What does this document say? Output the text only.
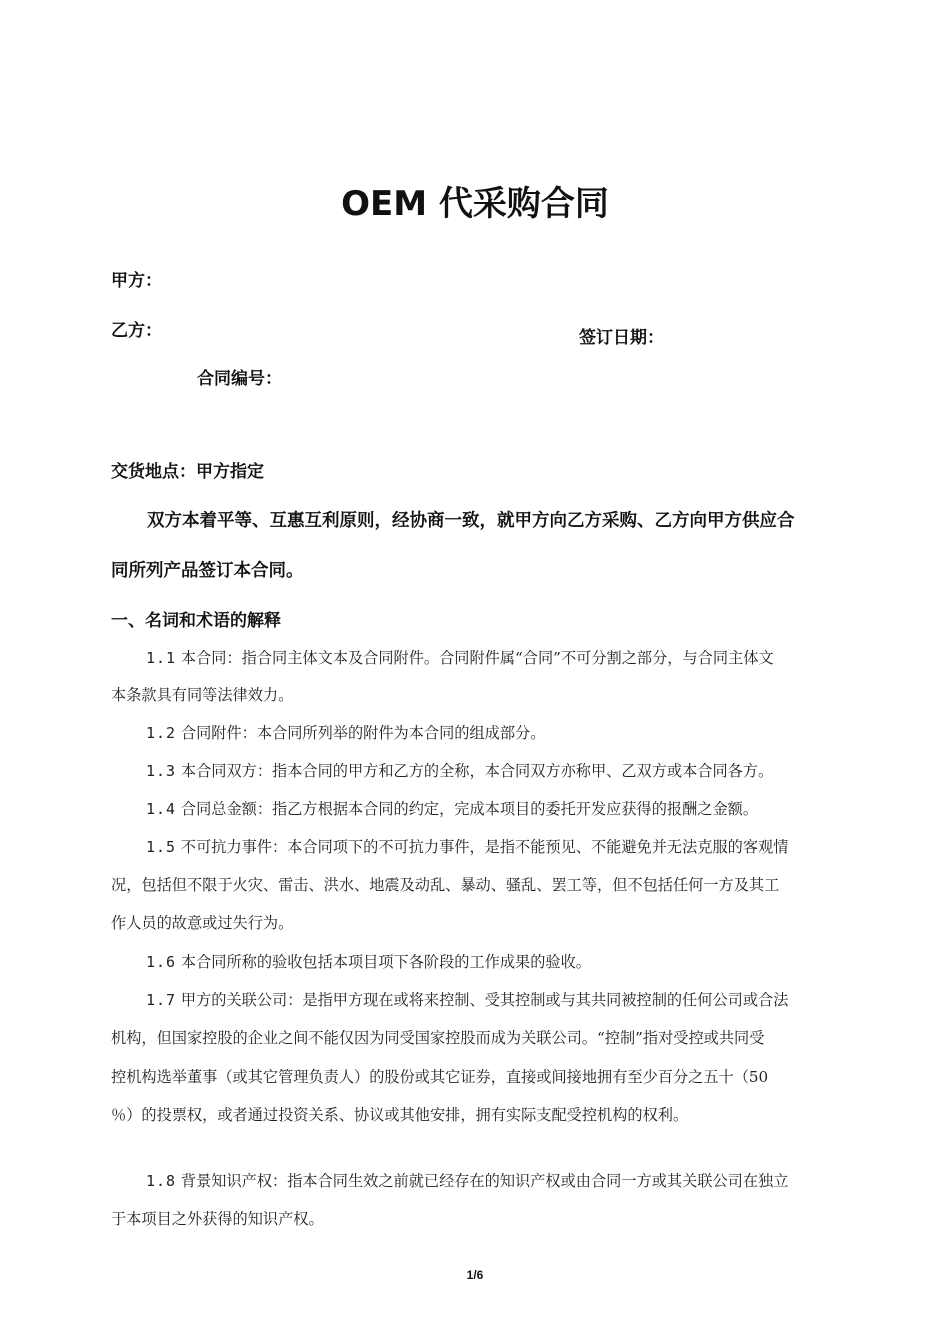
OEM 代采购合同
甲方：
乙方：	签订日期：
合同编号：
交货地点：甲方指定
双方本着平等、互惠互利原则，经协商一致，就甲方向乙方采购、乙方向甲方供应合
同所列产品签订本合同。
一、名词和术语的解释
1.1 本合同：指合同主体文本及合同附件。合同附件属“合同”不可分割之部分，与合同主体文
本条款具有同等法律效力。
1.2 合同附件：本合同所列举的附件为本合同的组成部分。
1.3 本合同双方：指本合同的甲方和乙方的全称，本合同双方亦称甲、乙双方或本合同各方。
1.4 合同总金额：指乙方根据本合同的约定，完成本项目的委托开发应获得的报酬之金额。
1.5 不可抗力事件：本合同项下的不可抗力事件，是指不能预见、不能避免并无法克服的客观情
况，包括但不限于火灾、雷击、洪水、地震及动乱、暴动、骚乱、罢工等，但不包括任何一方及其工
作人员的故意或过失行为。
1.6 本合同所称的验收包括本项目项下各阶段的工作成果的验收。
1.7 甲方的关联公司：是指甲方现在或将来控制、受其控制或与其共同被控制的任何公司或合法
机构，但国家控股的企业之间不能仅因为同受国家控股而成为关联公司。“控制”指对受控或共同受
控机构选举董事（或其它管理负责人）的股份或其它证券，直接或间接地拥有至少百分之五十（50
％）的投票权，或者通过投资关系、协议或其他安排，拥有实际支配受控机构的权利。
1.8 背景知识产权：指本合同生效之前就已经存在的知识产权或由合同一方或其关联公司在独立
于本项目之外获得的知识产权。
1/6
